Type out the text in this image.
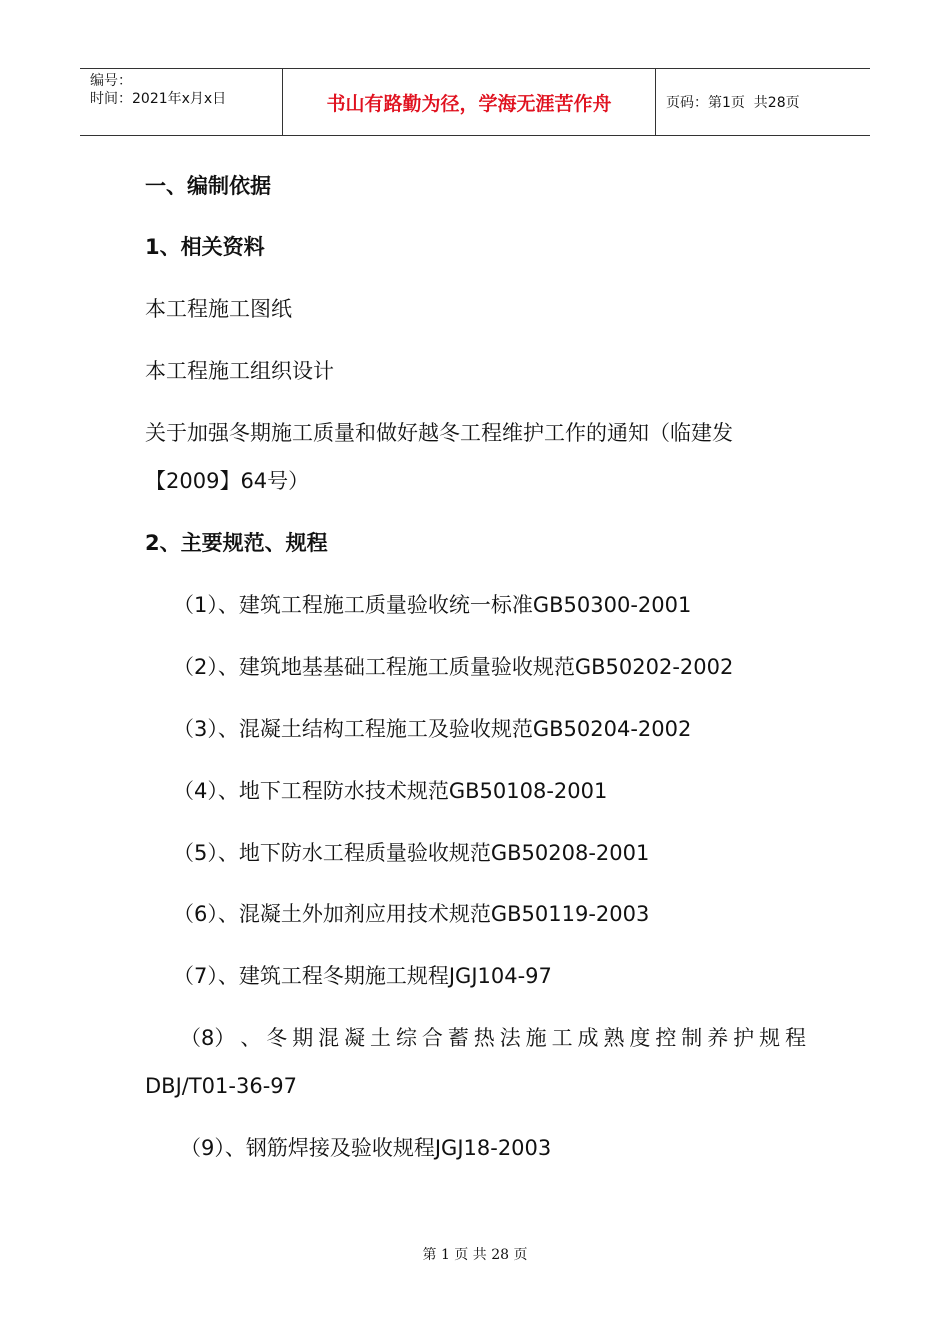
编号：
时间：2021年x月x日	书山有路勤为径，学海无涯苦作舟	页码：第1页  共28页
一、编制依据
1、相关资料
本工程施工图纸
本工程施工组织设计
关于加强冬期施工质量和做好越冬工程维护工作的通知（临建发
【2009】64号）
2、主要规范、规程
（1）、建筑工程施工质量验收统一标准GB50300-2001
（2）、建筑地基基础工程施工质量验收规范GB50202-2002
（3）、混凝土结构工程施工及验收规范GB50204-2002
（4）、地下工程防水技术规范GB50108-2001
（5）、地下防水工程质量验收规范GB50208-2001
（6）、混凝土外加剂应用技术规范GB50119-2003
（7）、建筑工程冬期施工规程JGJ104-97
（8） 、 冬 期 混 凝 土 综 合 蓄 热 法 施 工 成 熟 度 控 制 养 护 规 程
DBJ/T01-36-97
（9）、钢筋焊接及验收规程JGJ18-2003
第 1 页 共 28 页
